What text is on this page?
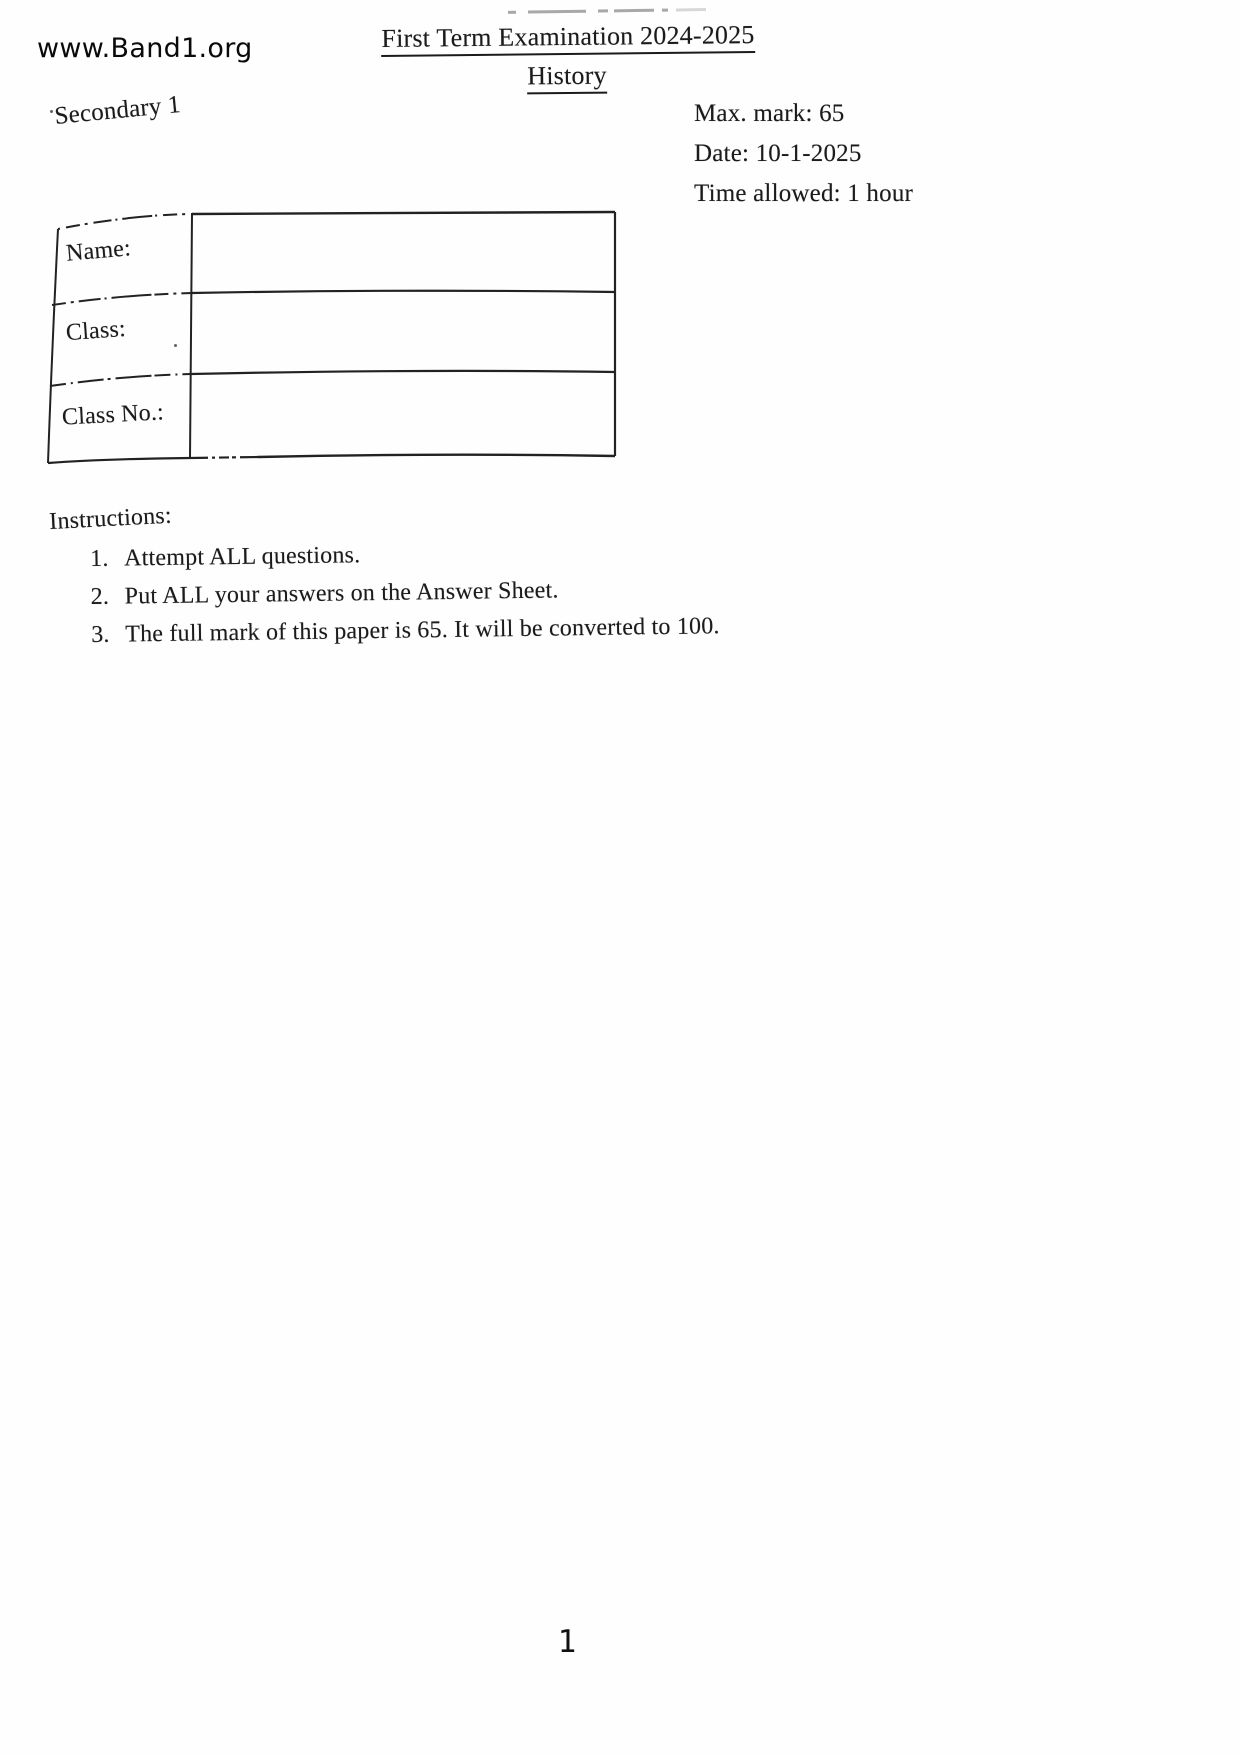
www.Band1.org	First Term Examination 2024-2025
History
Secondary 1	Max. mark: 65
Date: 10-1-2025
Time allowed: 1 hour
Name:
Class:
Class No.:
Instructions:
1. Attempt ALL questions.
2. Put ALL your answers on the Answer Sheet.
3. The full mark of this paper is 65. It will be converted to 100.
1
